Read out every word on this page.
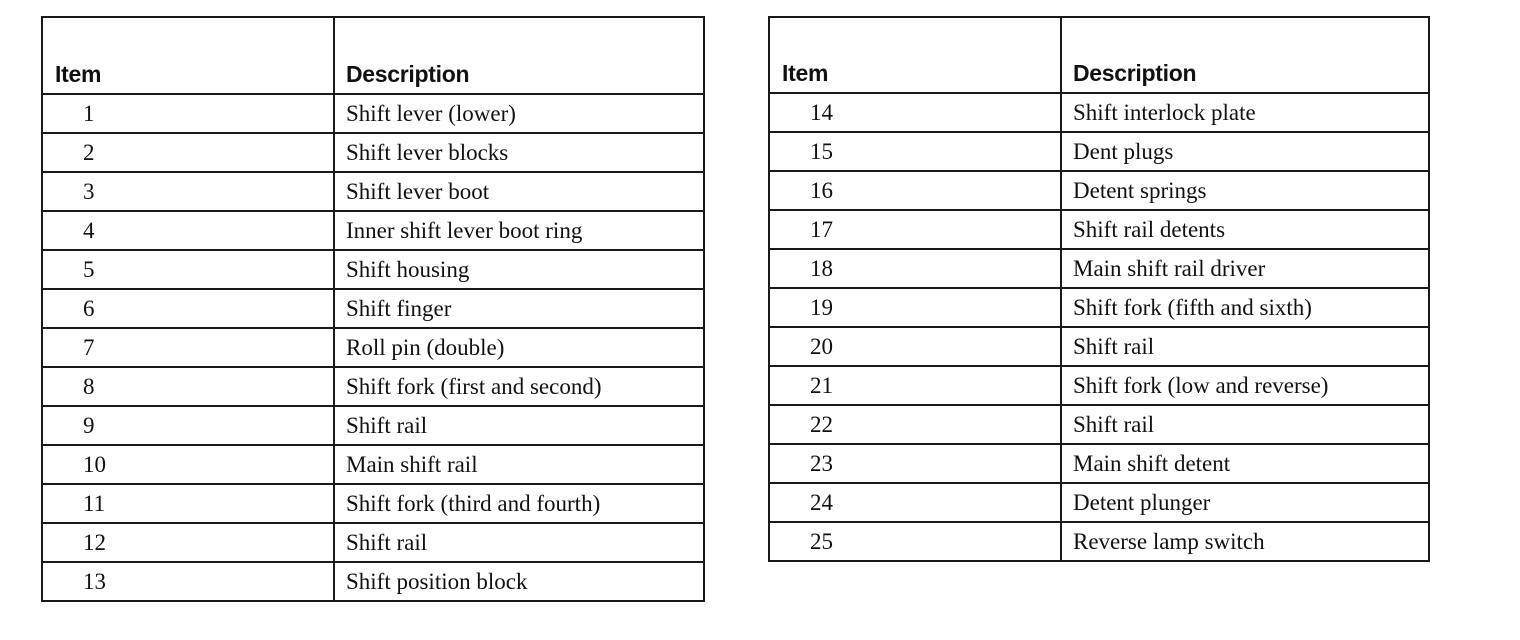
Item	Description
1	Shift lever (lower)
2	Shift lever blocks
3	Shift lever boot
4	Inner shift lever boot ring
5	Shift housing
6	Shift finger
7	Roll pin (double)
8	Shift fork (first and second)
9	Shift rail
10	Main shift rail
11	Shift fork (third and fourth)
12	Shift rail
13	Shift position block
Item	Description
14	Shift interlock plate
15	Dent plugs
16	Detent springs
17	Shift rail detents
18	Main shift rail driver
19	Shift fork (fifth and sixth)
20	Shift rail
21	Shift fork (low and reverse)
22	Shift rail
23	Main shift detent
24	Detent plunger
25	Reverse lamp switch
